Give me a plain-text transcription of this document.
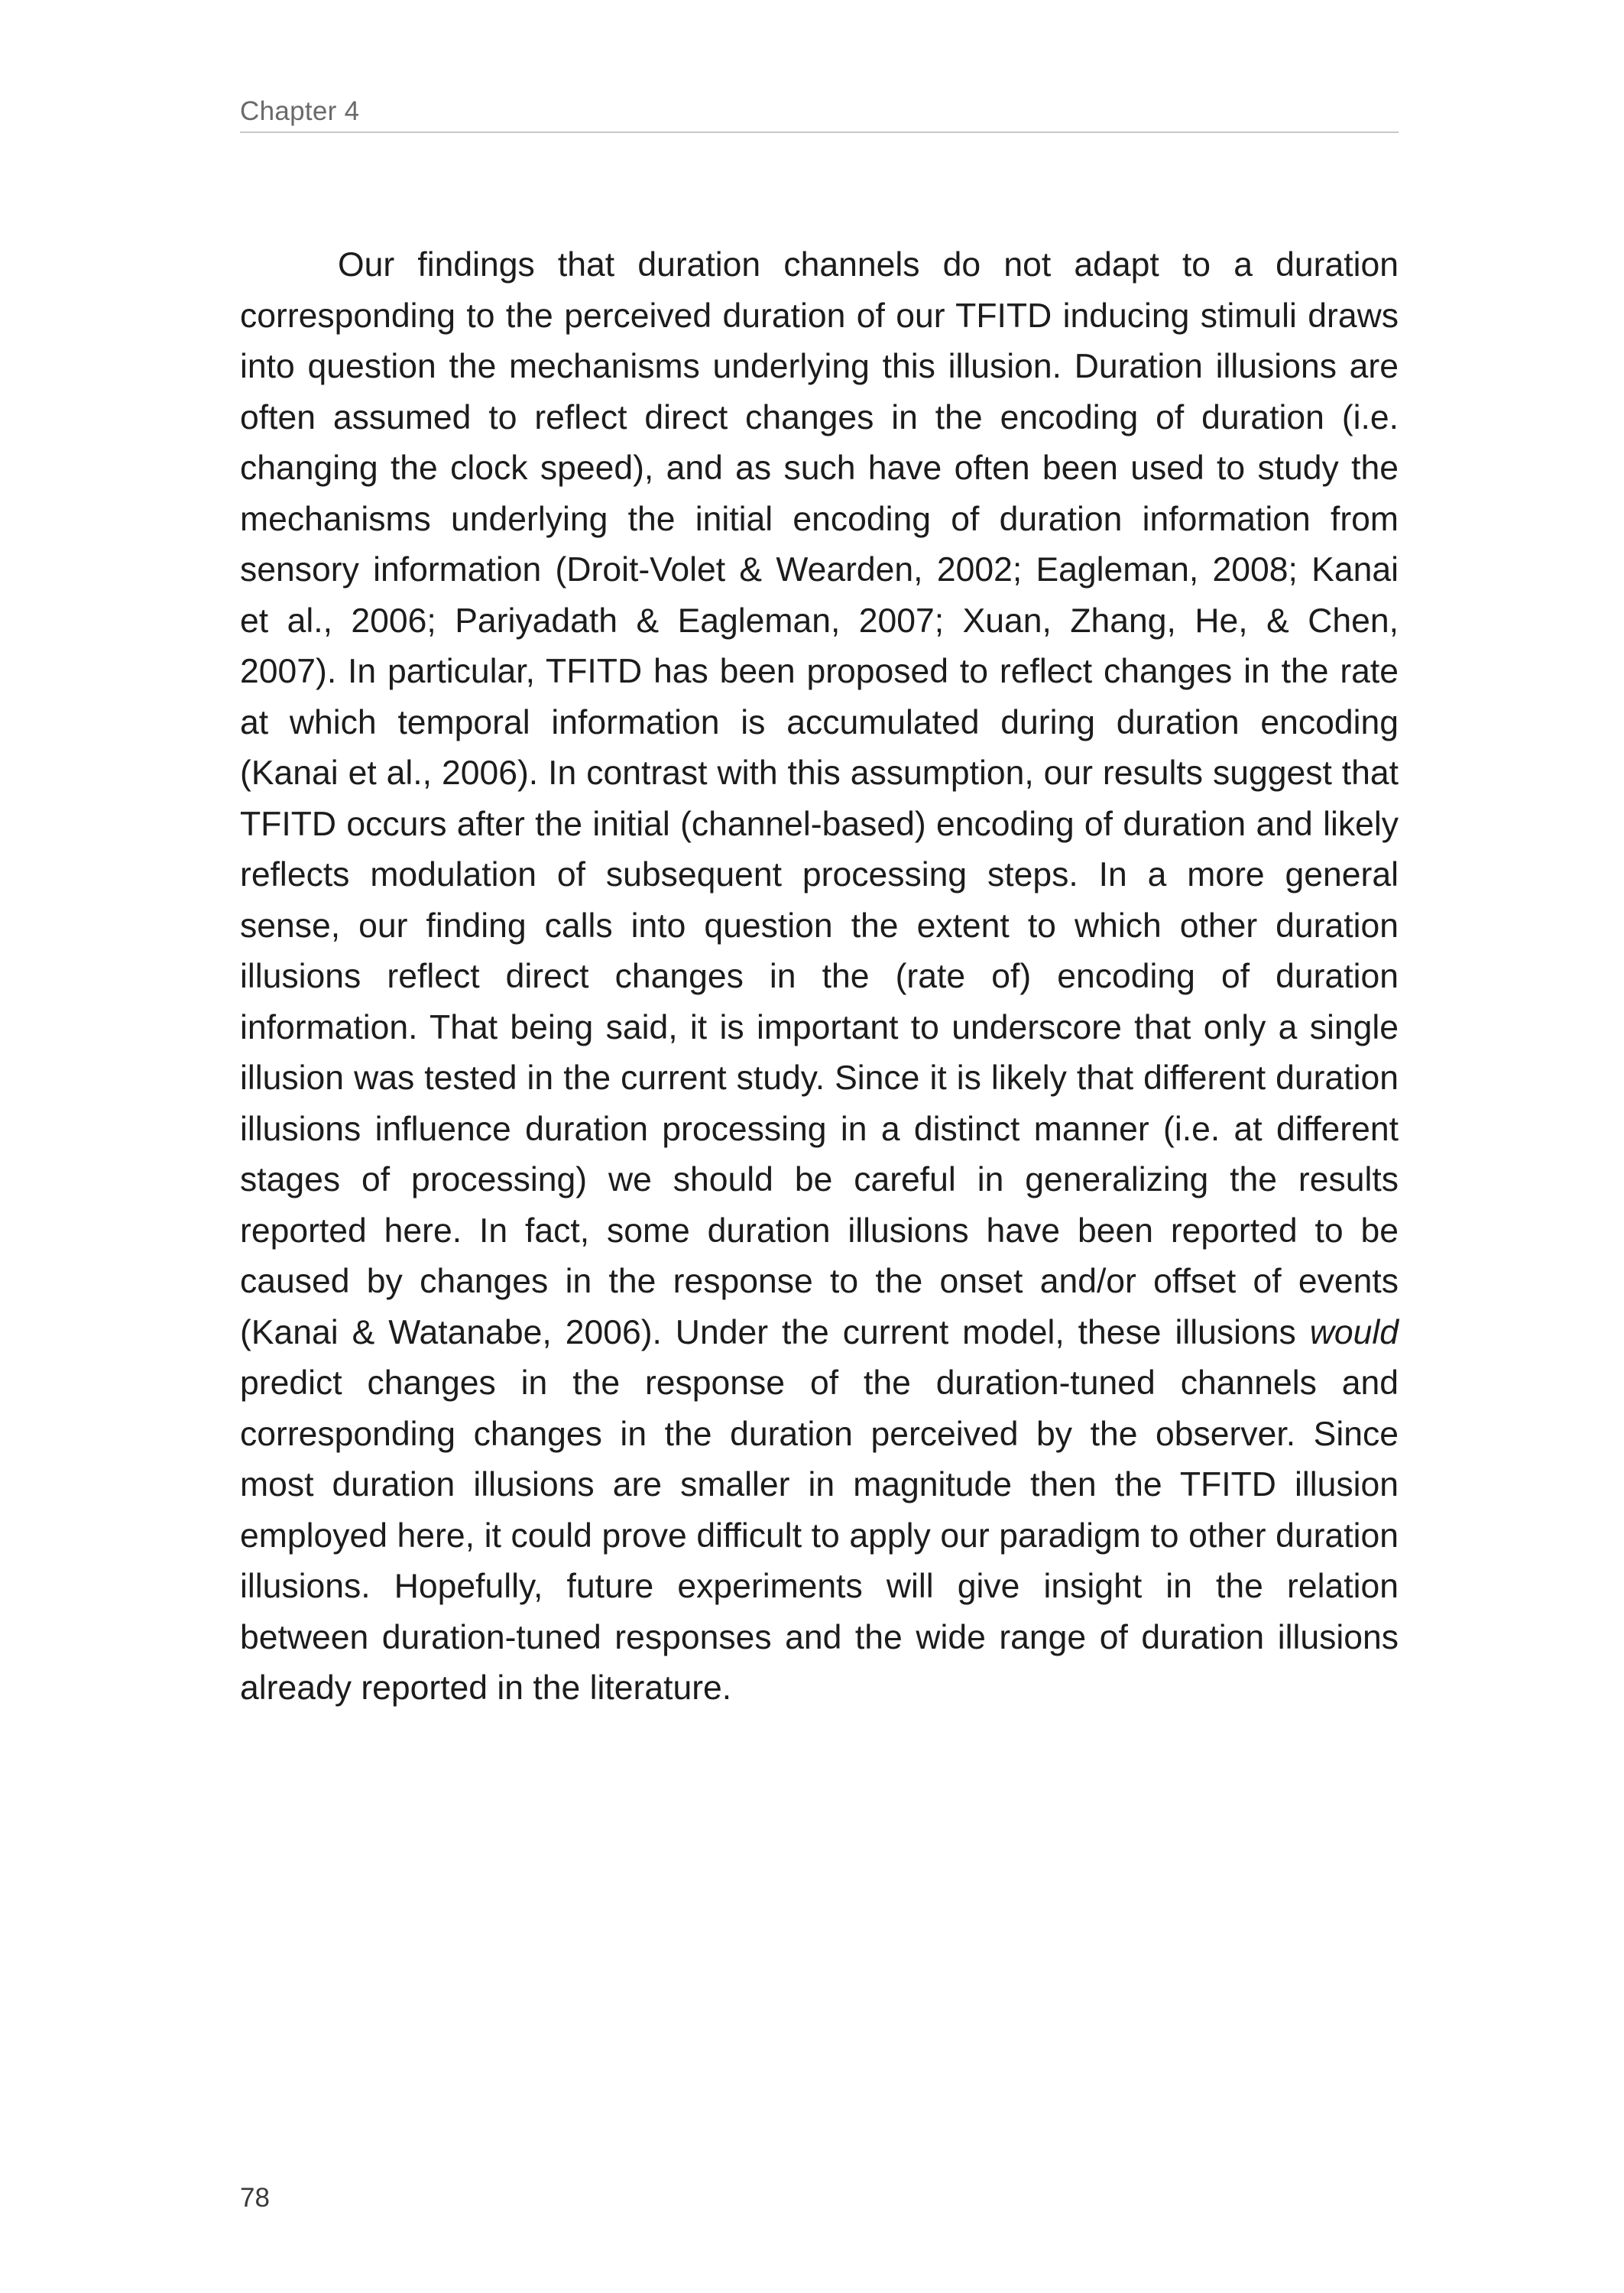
Chapter 4

Our findings that duration channels do not adapt to a duration corresponding to the perceived duration of our TFITD inducing stimuli draws into question the mechanisms underlying this illusion. Duration illusions are often assumed to reflect direct changes in the encoding of duration (i.e. changing the clock speed), and as such have often been used to study the mechanisms underlying the initial encoding of duration information from sensory information (Droit-Volet & Wearden, 2002; Eagleman, 2008; Kanai et al., 2006; Pariyadath & Eagleman, 2007; Xuan, Zhang, He, & Chen, 2007). In particular, TFITD has been proposed to reflect changes in the rate at which temporal information is accumulated during duration encoding (Kanai et al., 2006). In contrast with this assumption, our results suggest that TFITD occurs after the initial (channel-based) encoding of duration and likely reflects modulation of subsequent processing steps. In a more general sense, our finding calls into question the extent to which other duration illusions reflect direct changes in the (rate of) encoding of duration information. That being said, it is important to underscore that only a single illusion was tested in the current study. Since it is likely that different duration illusions influence duration processing in a distinct manner (i.e. at different stages of processing) we should be careful in generalizing the results reported here. In fact, some duration illusions have been reported to be caused by changes in the response to the onset and/or offset of events (Kanai & Watanabe, 2006). Under the current model, these illusions would predict changes in the response of the duration-tuned channels and corresponding changes in the duration perceived by the observer. Since most duration illusions are smaller in magnitude then the TFITD illusion employed here, it could prove difficult to apply our paradigm to other duration illusions. Hopefully, future experiments will give insight in the relation between duration-tuned responses and the wide range of duration illusions already reported in the literature.

78
